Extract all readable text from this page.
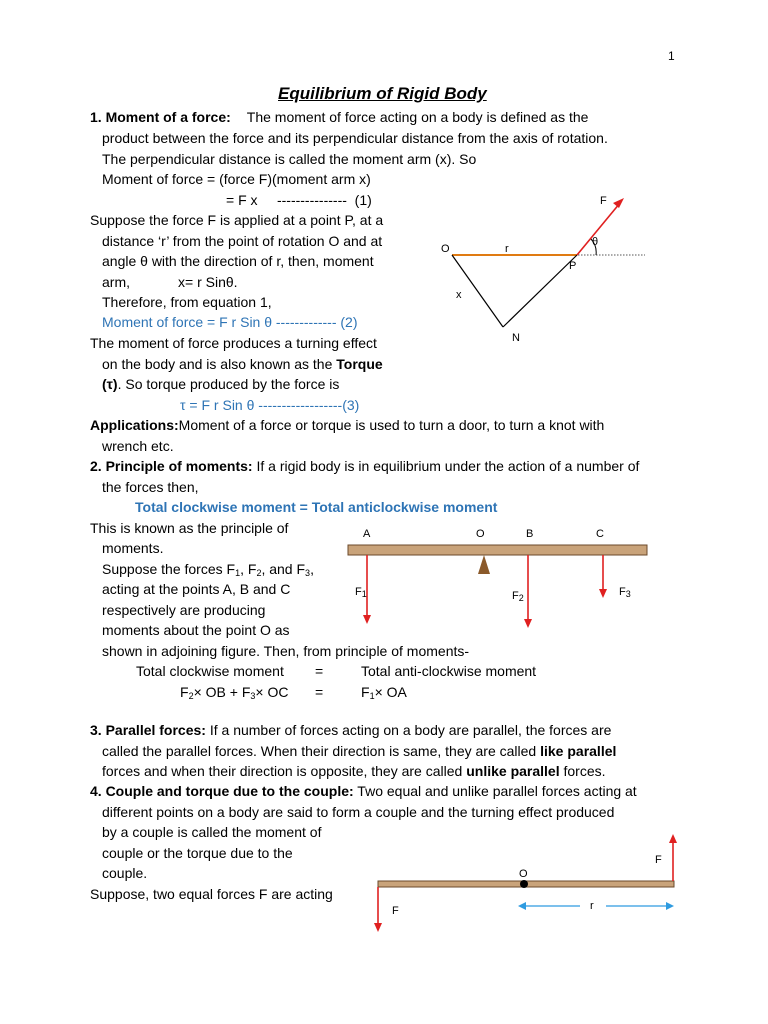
1
Equilibrium of Rigid Body
1. Moment of a force: The moment of force acting on a body is defined as the
product between the force and its perpendicular distance from the axis of rotation.
The perpendicular distance is called the moment arm (x). So
Moment of force = (force F)(moment arm x)
= F x     ---------------  (1)
Suppose the force F is applied at a point P, at a
distance ‘r’ from the point of rotation O and at
angle θ with the direction of r, then, moment
arm,	x= r Sinθ.
Therefore, from equation 1,
Moment of force = F r Sin θ ------------- (2)
The moment of force produces a turning effect
on the body and is also known as the Torque
(τ). So torque produced by the force is
τ = F r Sin θ ------------------(3)
Applications:Moment of a force or torque is used to turn a door, to turn a knot with
wrench etc.
2. Principle of moments: If a rigid body is in equilibrium under the action of a number of
the forces then,
Total clockwise moment = Total anticlockwise moment
This is known as the principle of
moments.
Suppose the forces $F_1$, $F_2$, and $F_3$,
acting at the points A, B and C
respectively are producing
moments about the point O as
shown in adjoining figure. Then, from principle of moments-
Total clockwise moment =	Total anti-clockwise moment
$F_2\times$ OB + $F_3\times$ OC =	$F_1\times$ OA
3. Parallel forces: If a number of forces acting on a body are parallel, the forces are
called the parallel forces. When their direction is same, they are called like parallel
forces and when their direction is opposite, they are called unlike parallel forces.
4. Couple and torque due to the couple: Two equal and unlike parallel forces acting at
different points on a body are said to form a couple and the turning effect produced
by a couple is called the moment of
couple or the torque due to the
couple.
Suppose, two equal forces F are acting
O	r
P
F
θ
x
N
A	O	B	C
$F_1$	$F_2$	$F_3$
O
F
F	r
